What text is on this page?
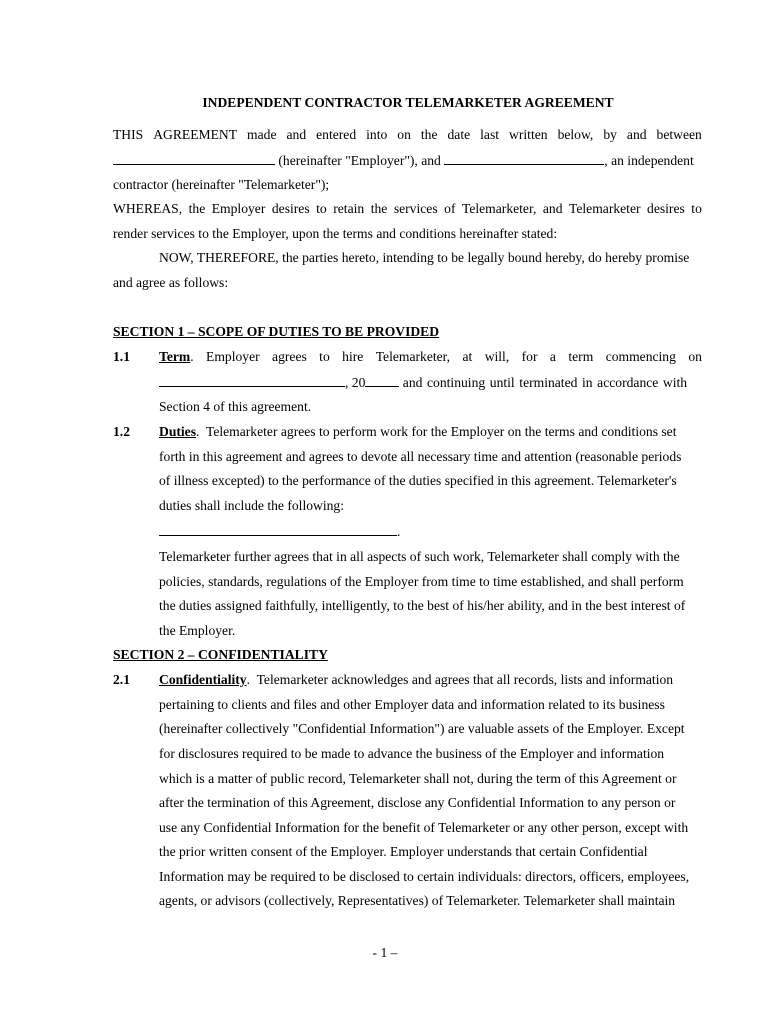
INDEPENDENT CONTRACTOR TELEMARKETER AGREEMENT
THIS AGREEMENT made and entered into on the date last written below, by and between
(hereinafter "Employer"), and	, an independent
contractor (hereinafter "Telemarketer");
WHEREAS, the Employer desires to retain the services of Telemarketer, and Telemarketer desires to
render services to the Employer, upon the terms and conditions hereinafter stated:
NOW, THEREFORE, the parties hereto, intending to be legally bound hereby, do hereby promise
and agree as follows:
SECTION 1 – SCOPE OF DUTIES TO BE PROVIDED
1.1 Term. Employer agrees to hire Telemarketer, at will, for a term commencing on
, 20	and continuing until terminated in accordance with
Section 4 of this agreement.
1.2 Duties.  Telemarketer agrees to perform work for the Employer on the terms and conditions set
forth in this agreement and agrees to devote all necessary time and attention (reasonable periods
of illness excepted) to the performance of the duties specified in this agreement. Telemarketer's
duties shall include the following:
.
Telemarketer further agrees that in all aspects of such work, Telemarketer shall comply with the
policies, standards, regulations of the Employer from time to time established, and shall perform
the duties assigned faithfully, intelligently, to the best of his/her ability, and in the best interest of
the Employer.
SECTION 2 – CONFIDENTIALITY
2.1 Confidentiality.  Telemarketer acknowledges and agrees that all records, lists and information
pertaining to clients and files and other Employer data and information related to its business
(hereinafter collectively "Confidential Information") are valuable assets of the Employer. Except
for disclosures required to be made to advance the business of the Employer and information
which is a matter of public record, Telemarketer shall not, during the term of this Agreement or
after the termination of this Agreement, disclose any Confidential Information to any person or
use any Confidential Information for the benefit of Telemarketer or any other person, except with
the prior written consent of the Employer. Employer understands that certain Confidential
Information may be required to be disclosed to certain individuals: directors, officers, employees,
agents, or advisors (collectively, Representatives) of Telemarketer. Telemarketer shall maintain
- 1 –
